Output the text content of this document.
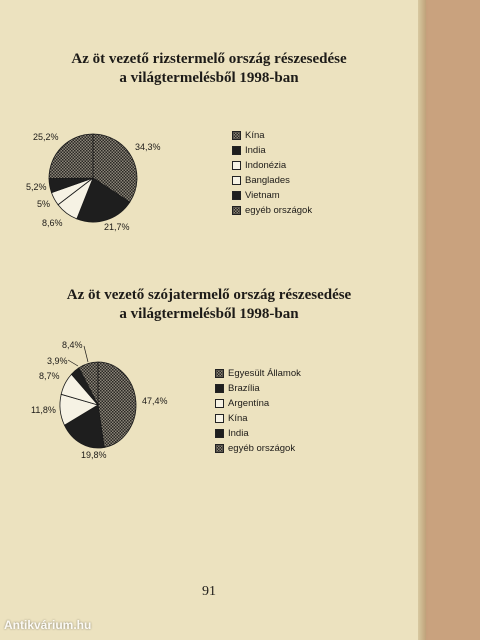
Az öt vezető rizstermelő ország részesedése
a világtermelésből 1998-ban
34,3%
21,7%
8,6%
5%
5,2%
25,2%	Kína
India
Indonézia
Banglades
Vietnam
egyéb országok
Az öt vezető szójatermelő ország részesedése
a világtermelésből 1998-ban
47,4%
19,8%
11,8%
8,7%
3,9%
8,4%
Egyesült Államok
Brazília
Argentína
Kína
India
egyéb országok
91
Antikvárium.hu
